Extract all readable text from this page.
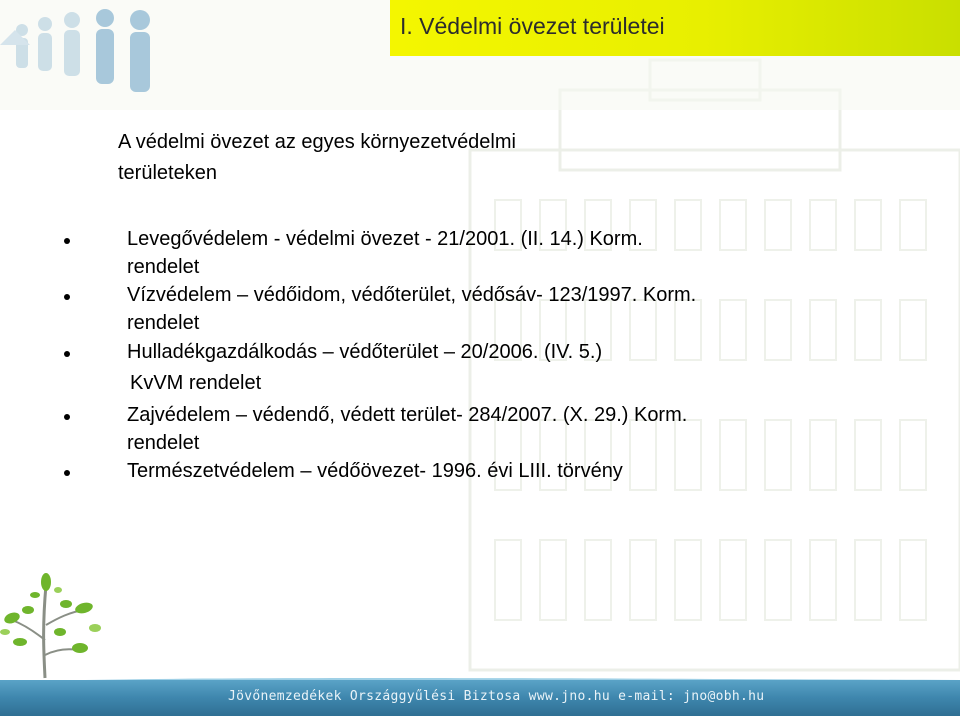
I. Védelmi övezet területei
A védelmi övezet az egyes környezetvédelmi
területeken
Levegővédelem - védelmi övezet - 21/2001. (II. 14.) Korm.
rendelet
Vízvédelem – védőidom, védőterület, védősáv- 123/1997. Korm.
rendelet
Hulladékgazdálkodás – védőterület – 20/2006. (IV. 5.)
KvVM rendelet
Zajvédelem – védendő, védett terület- 284/2007. (X. 29.) Korm.
rendelet
Természetvédelem – védőövezet- 1996. évi LIII. törvény
Jövőnemzedékek Országgyűlési Biztosa www.jno.hu e-mail: jno@obh.hu
